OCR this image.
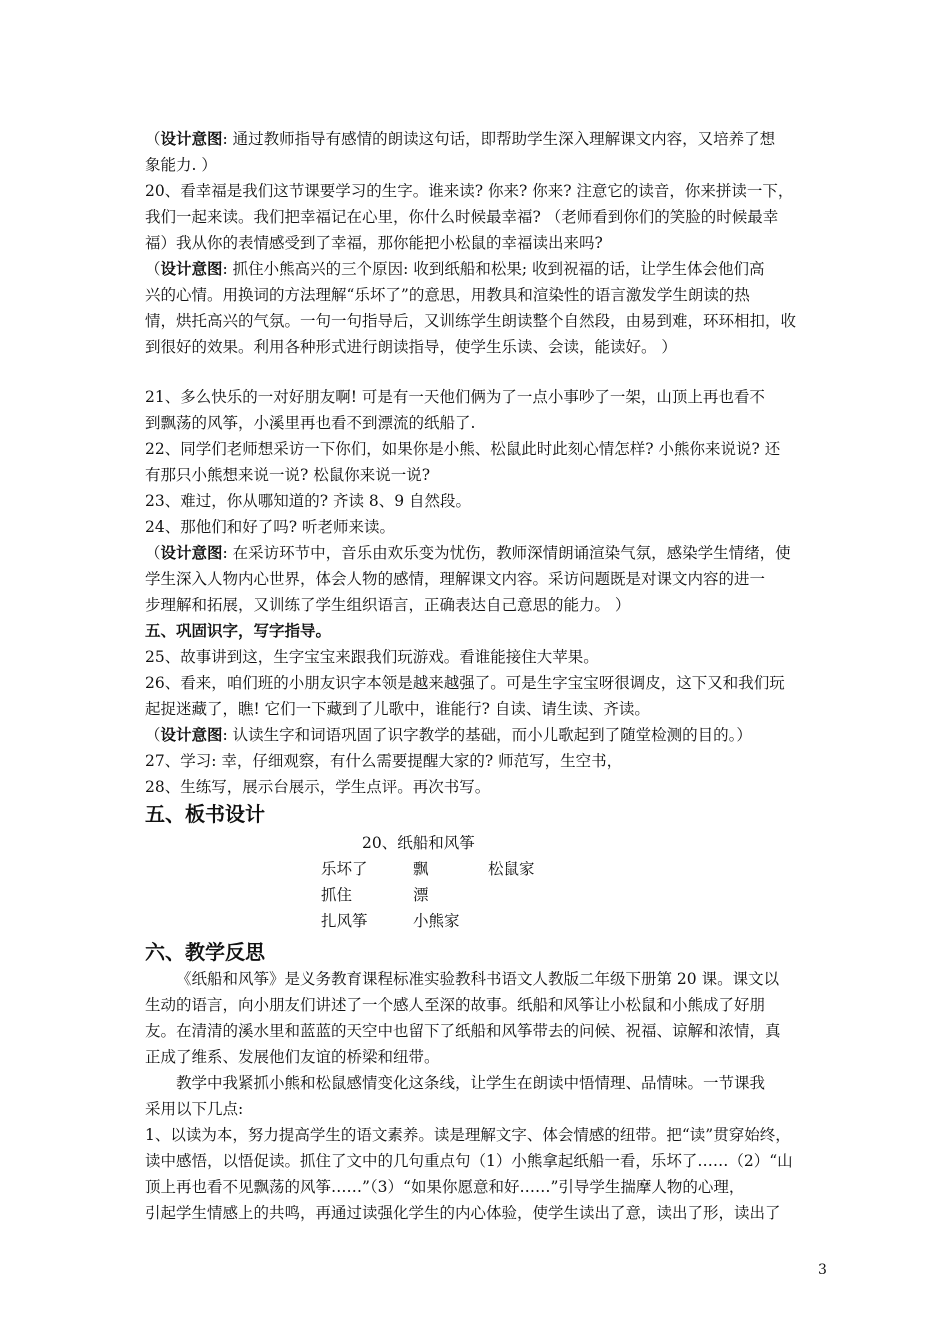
（设计意图: 通过教师指导有感情的朗读这句话，即帮助学生深入理解课文内容，又培养了想
象能力. ）
20、看幸福是我们这节课要学习的生字。谁来读? 你来? 你来? 注意它的读音，你来拼读一下，
我们一起来读。我们把幸福记在心里，你什么时候最幸福? （老师看到你们的笑脸的时候最幸
福）我从你的表情感受到了幸福，那你能把小松鼠的幸福读出来吗?
（设计意图: 抓住小熊高兴的三个原因: 收到纸船和松果; 收到祝福的话，让学生体会他们高
兴的心情。用换词的方法理解“乐坏了”的意思，用教具和渲染性的语言激发学生朗读的热
情，烘托高兴的气氛。一句一句指导后，又训练学生朗读整个自然段，由易到难，环环相扣，收
到很好的效果。利用各种形式进行朗读指导，使学生乐读、会读，能读好。 ）
21、多么快乐的一对好朋友啊! 可是有一天他们俩为了一点小事吵了一架，山顶上再也看不
到飘荡的风筝，小溪里再也看不到漂流的纸船了.
22、同学们老师想采访一下你们，如果你是小熊、松鼠此时此刻心情怎样? 小熊你来说说? 还
有那只小熊想来说一说? 松鼠你来说一说?
23、难过，你从哪知道的? 齐读 8、9 自然段。
24、那他们和好了吗? 听老师来读。
（设计意图: 在采访环节中，音乐由欢乐变为忧伤，教师深情朗诵渲染气氛，感染学生情绪，使
学生深入人物内心世界，体会人物的感情，理解课文内容。采访问题既是对课文内容的进一
步理解和拓展，又训练了学生组织语言，正确表达自己意思的能力。 ）
五、巩固识字，写字指导。
25、故事讲到这，生字宝宝来跟我们玩游戏。看谁能接住大苹果。
26、看来，咱们班的小朋友识字本领是越来越强了。可是生字宝宝呀很调皮，这下又和我们玩
起捉迷藏了，瞧! 它们一下藏到了儿歌中，谁能行? 自读、请生读、齐读。
（设计意图: 认读生字和词语巩固了识字教学的基础，而小儿歌起到了随堂检测的目的。）
27、学习: 幸，仔细观察，有什么需要提醒大家的? 师范写，生空书，
28、生练写，展示台展示，学生点评。再次书写。
五、板书设计
20、纸船和风筝
乐坏了	飘	松鼠家
抓住	漂
扎风筝	小熊家
六、教学反思
《纸船和风筝》是义务教育课程标准实验教科书语文人教版二年级下册第 20 课。课文以
生动的语言，向小朋友们讲述了一个感人至深的故事。纸船和风筝让小松鼠和小熊成了好朋
友。在清清的溪水里和蓝蓝的天空中也留下了纸船和风筝带去的问候、祝福、谅解和浓情，真
正成了维系、发展他们友谊的桥梁和纽带。
教学中我紧抓小熊和松鼠感情变化这条线，让学生在朗读中悟情理、品情味。一节课我
采用以下几点:
1、以读为本，努力提高学生的语文素养。读是理解文字、体会情感的纽带。把“读”贯穿始终，
读中感悟，以悟促读。抓住了文中的几句重点句（1）小熊拿起纸船一看，乐坏了……（2）“山
顶上再也看不见飘荡的风筝……”（3）“如果你愿意和好……”引导学生揣摩人物的心理，
引起学生情感上的共鸣，再通过读强化学生的内心体验，使学生读出了意，读出了形，读出了
3
